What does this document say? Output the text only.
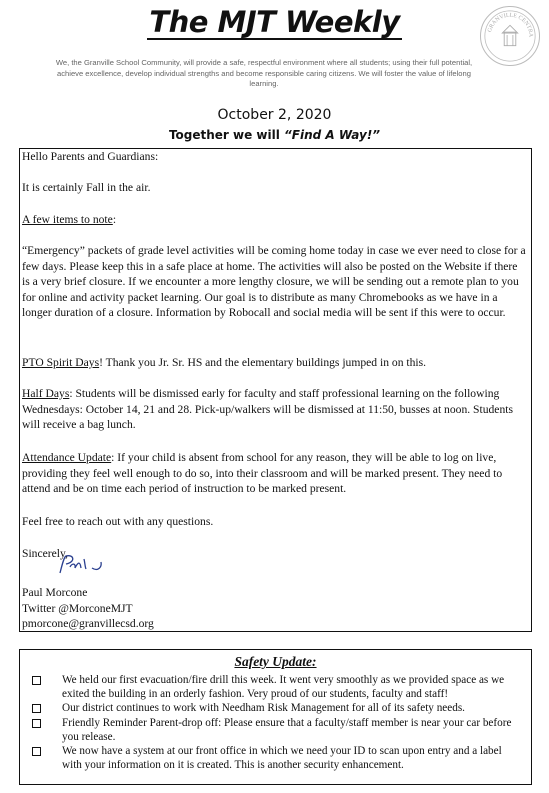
The MJT Weekly	GRANVILLE CENTRA
We, the Granville School Community, will provide a safe, respectful environment where all students; using their full potential, achieve excellence, develop individual strengths and become responsible caring citizens. We will foster the value of lifelong learning.
October 2, 2020
Together we will “Find A Way!”

Hello Parents and Guardians:

It is certainly Fall in the air.

A few items to note:

“Emergency” packets of grade level activities will be coming home today in case we ever need to close for a few days. Please keep this in a safe place at home. The activities will also be posted on the Website if there is a very brief closure. If we encounter a more lengthy closure, we will be sending out a remote plan to you for online and activity packet learning. Our goal is to distribute as many Chromebooks as we have in a longer duration of a closure. Information by Robocall and social media will be sent if this were to occur.

PTO Spirit Days! Thank you Jr. Sr. HS and the elementary buildings jumped in on this.

Half Days: Students will be dismissed early for faculty and staff professional learning on the following Wednesdays: October 14, 21 and 28. Pick-up/walkers will be dismissed at 11:50, busses at noon. Students will receive a bag lunch.

Attendance Update: If your child is absent from school for any reason, they will be able to log on live, providing they feel well enough to do so, into their classroom and will be marked present. They need to attend and be on time each period of instruction to be marked present.

Feel free to reach out with any questions.

Sincerely,

Paul Morcone

Twitter @MorconeMJT

pmorcone@granvillecsd.org

Safety Update:
We held our first evacuation/fire drill this week. It went very smoothly as we provided space as we exited the building in an orderly fashion. Very proud of our students, faculty and staff!
Our district continues to work with Needham Risk Management for all of its safety needs.
Friendly Reminder Parent-drop off: Please ensure that a faculty/staff member is near your car before you release.
We now have a system at our front office in which we need your ID to scan upon entry and a label with your information on it is created. This is another security enhancement.
